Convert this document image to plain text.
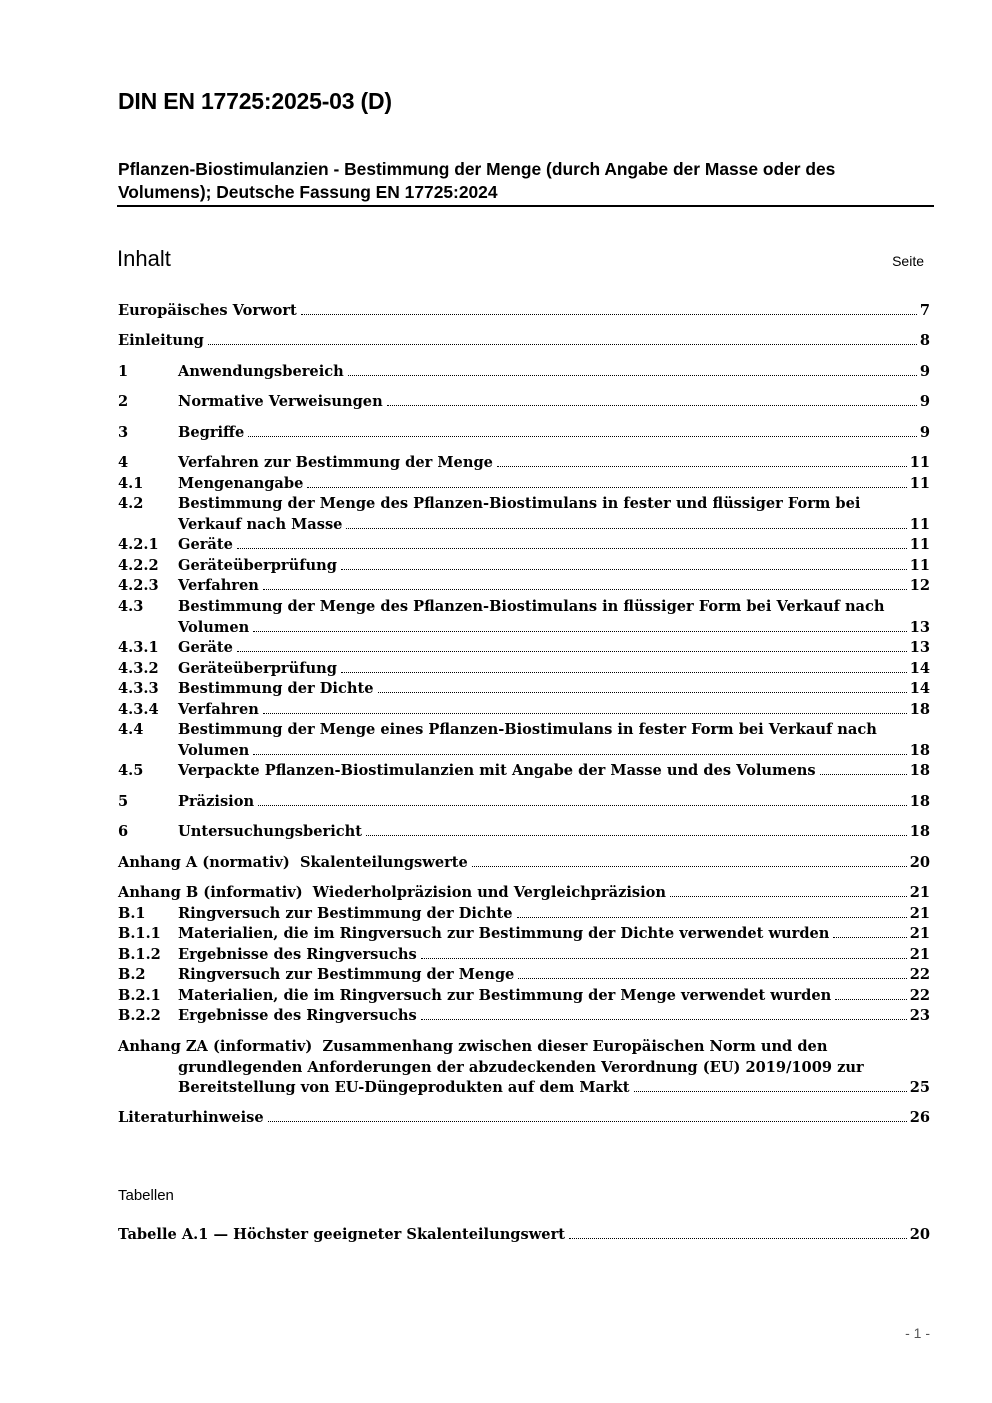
DIN EN 17725:2025-03 (D)
Pflanzen-Biostimulanzien - Bestimmung der Menge (durch Angabe der Masse oder des Volumens); Deutsche Fassung EN 17725:2024
Inhalt	Seite
Europäisches Vorwort	7
Einleitung	8
1	Anwendungsbereich	9
2	Normative Verweisungen	9
3	Begriffe	9
4	Verfahren zur Bestimmung der Menge	11
4.1	Mengenangabe	11
4.2	Bestimmung der Menge des Pflanzen-Biostimulans in fester und flüssiger Form bei
Verkauf nach Masse	11
4.2.1	Geräte	11
4.2.2	Geräteüberprüfung	11
4.2.3	Verfahren	12
4.3	Bestimmung der Menge des Pflanzen-Biostimulans in flüssiger Form bei Verkauf nach
Volumen	13
4.3.1	Geräte	13
4.3.2	Geräteüberprüfung	14
4.3.3	Bestimmung der Dichte	14
4.3.4	Verfahren	18
4.4	Bestimmung der Menge eines Pflanzen-Biostimulans in fester Form bei Verkauf nach
Volumen	18
4.5	Verpackte Pflanzen-Biostimulanzien mit Angabe der Masse und des Volumens	18
5	Präzision	18
6	Untersuchungsbericht	18
Anhang A (normativ)  Skalenteilungswerte	20
Anhang B (informativ)  Wiederholpräzision und Vergleichpräzision	21
B.1	Ringversuch zur Bestimmung der Dichte	21
B.1.1	Materialien, die im Ringversuch zur Bestimmung der Dichte verwendet wurden	21
B.1.2	Ergebnisse des Ringversuchs	21
B.2	Ringversuch zur Bestimmung der Menge	22
B.2.1	Materialien, die im Ringversuch zur Bestimmung der Menge verwendet wurden	22
B.2.2	Ergebnisse des Ringversuchs	23
Anhang ZA (informativ)  Zusammenhang zwischen dieser Europäischen Norm und den
grundlegenden Anforderungen der abzudeckenden Verordnung (EU) 2019/1009 zur
Bereitstellung von EU-Düngeprodukten auf dem Markt	25
Literaturhinweise	26
Tabellen
Tabelle A.1 — Höchster geeigneter Skalenteilungswert	20
- 1 -
